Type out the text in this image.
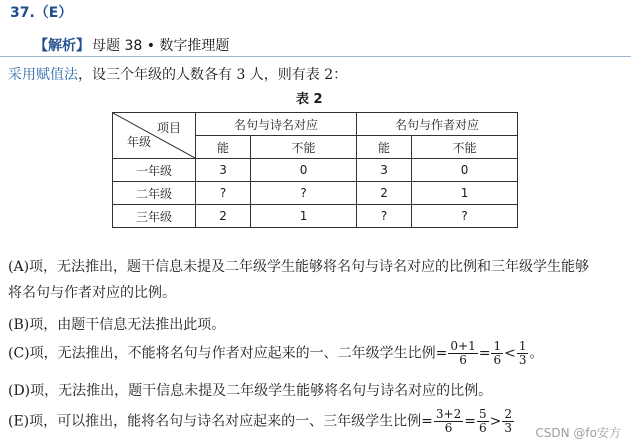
37.（E）
【解析】 母题 38 • 数字推理题
采用赋值法，设三个年级的人数各有 3 人，则有表 2：
表 2
项目
年级	名句与诗名对应		名句与作者对应	
	能	不能	能	不能
一年级	3	0	3	0
二年级	?	?	2	1
三年级	2	1	?	?
(A)项，无法推出，题干信息未提及二年级学生能够将名句与诗名对应的比例和三年级学生能够
将名句与作者对应的比例。
(B)项，由题干信息无法推出此项。
(C)项，无法推出，不能将名句与作者对应起来的一、二年级学生比例= $\frac{0+1}{6} = \frac{1}{6} < \frac{1}{3}$ 。
(D)项，无法推出，题干信息未提及二年级学生能够将名句与诗名对应的比例。
(E)项，可以推出，能将名句与诗名对应起来的一、三年级学生比例= $\frac{3+2}{6} = \frac{5}{6} > \frac{2}{3}$ CSDN @fo安方
